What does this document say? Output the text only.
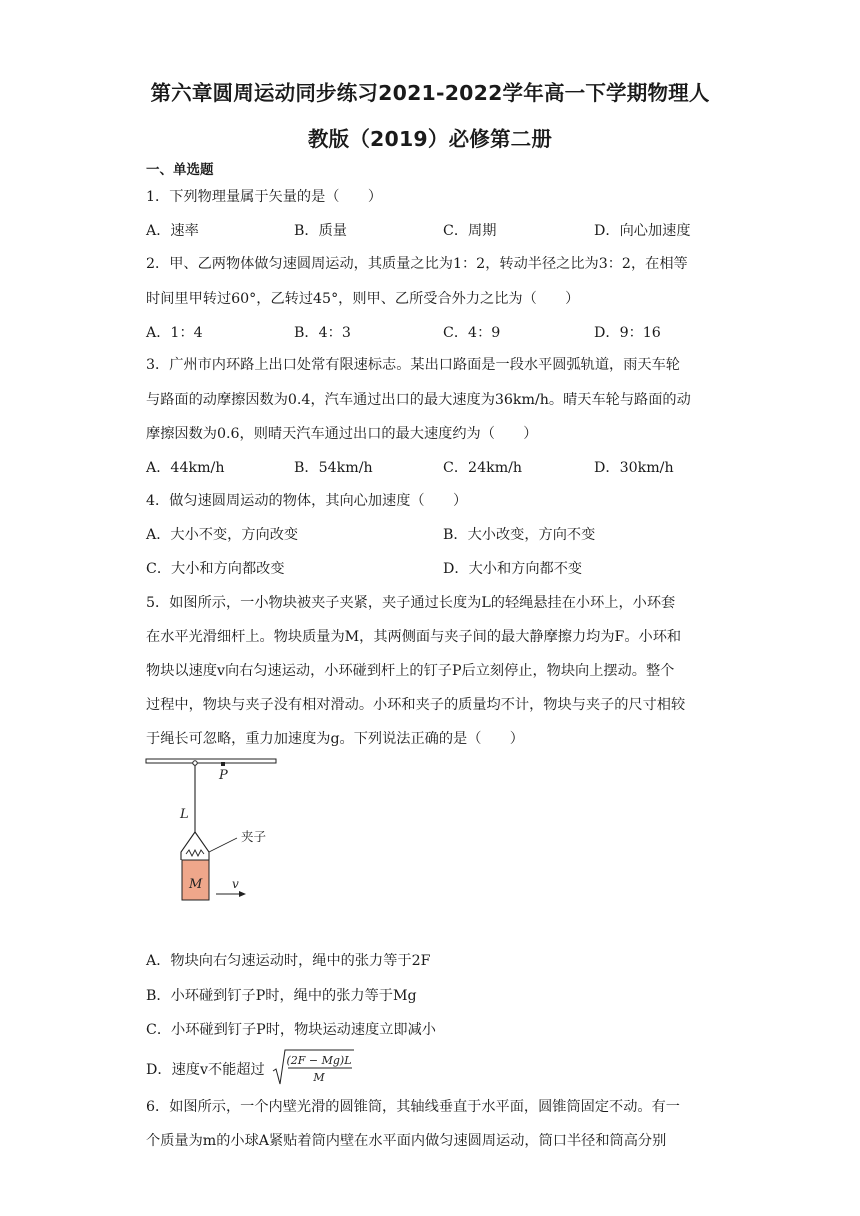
第六章圆周运动同步练习2021-2022学年高一下学期物理人
教版（2019）必修第二册
一、单选题
1．下列物理量属于矢量的是（　　）
A．速率	B．质量	C．周期	D．向心加速度
2．甲、乙两物体做匀速圆周运动，其质量之比为1：2，转动半径之比为3：2，在相等
时间里甲转过60°，乙转过45°，则甲、乙所受合外力之比为（　　）
A．1：4	B．4：3	C．4：9	D．9：16
3．广州市内环路上出口处常有限速标志。某出口路面是一段水平圆弧轨道，雨天车轮
与路面的动摩擦因数为0.4，汽车通过出口的最大速度为36km/h。晴天车轮与路面的动
摩擦因数为0.6，则晴天汽车通过出口的最大速度约为（　　）
A．44km/h	B．54km/h	C．24km/h	D．30km/h
4．做匀速圆周运动的物体，其向心加速度（　　）
A．大小不变，方向改变	B．大小改变，方向不变
C．大小和方向都改变	D．大小和方向都不变
5．如图所示，一小物块被夹子夹紧，夹子通过长度为L的轻绳悬挂在小环上，小环套
在水平光滑细杆上。物块质量为M，其两侧面与夹子间的最大静摩擦力均为F。小环和
物块以速度v向右匀速运动，小环碰到杆上的钉子P后立刻停止，物块向上摆动。整个
过程中，物块与夹子没有相对滑动。小环和夹子的质量均不计，物块与夹子的尺寸相较
于绳长可忽略，重力加速度为g。下列说法正确的是（　　）
P
L
夹子
M v
A．物块向右匀速运动时，绳中的张力等于2F
B．小环碰到钉子P时，绳中的张力等于Mg
C．小环碰到钉子P时，物块运动速度立即减小
D．速度v不能超过
(2F − Mg)L
M
6．如图所示，一个内壁光滑的圆锥筒，其轴线垂直于水平面，圆锥筒固定不动。有一
个质量为m的小球A紧贴着筒内壁在水平面内做匀速圆周运动，筒口半径和筒高分别
